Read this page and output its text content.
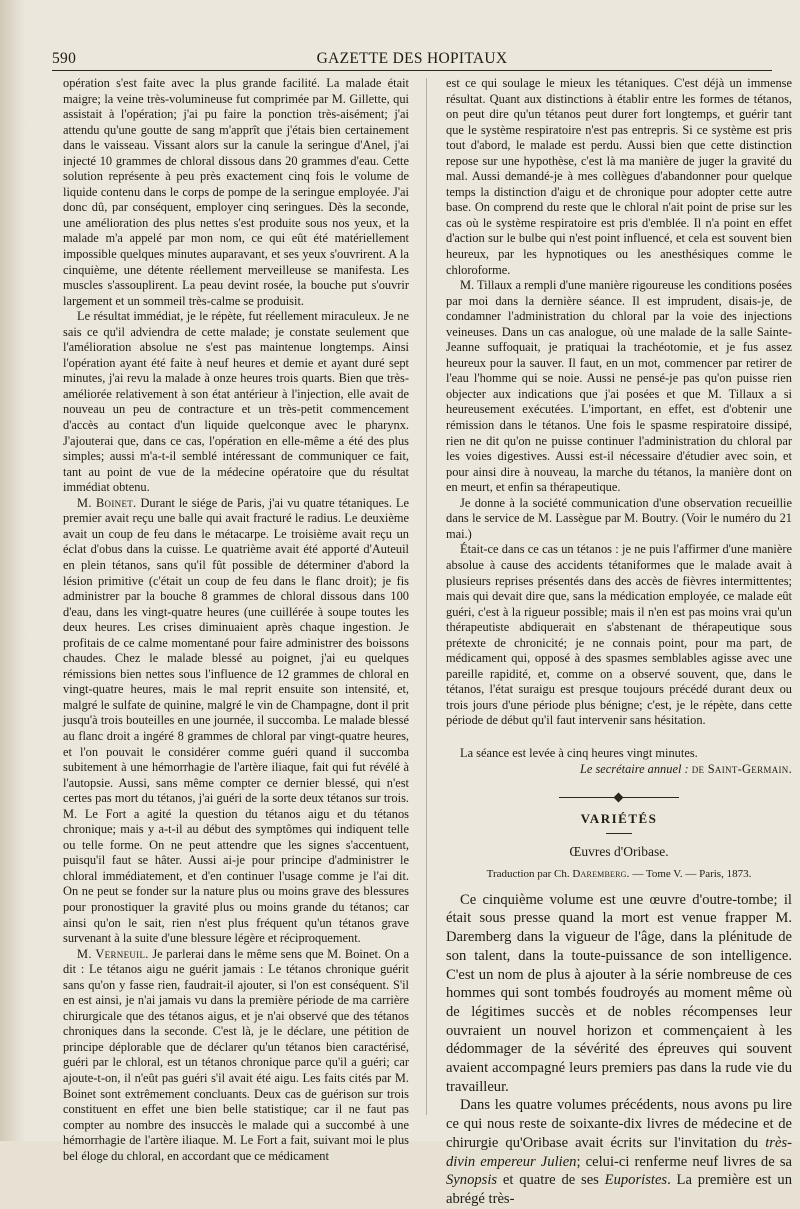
590	GAZETTE DES HOPITAUX

opération s'est faite avec la plus grande facilité. La malade était maigre; la veine très-volumineuse fut comprimée par M. Gillette, qui assistait à l'opération; j'ai pu faire la ponction très-aisément; j'ai attendu qu'une goutte de sang m'apprît que j'étais bien certainement dans le vaisseau. Vissant alors sur la canule la seringue d'Anel, j'ai injecté 10 grammes de chloral dissous dans 20 grammes d'eau. Cette solution représente à peu près exactement cinq fois le volume de liquide contenu dans le corps de pompe de la seringue employée. J'ai donc dû, par conséquent, employer cinq seringues. Dès la seconde, une amélioration des plus nettes s'est produite sous nos yeux, et la malade m'a appelé par mon nom, ce qui eût été matériellement impossible quelques minutes auparavant, et ses yeux s'ouvrirent. A la cinquième, une détente réellement merveilleuse se manifesta. Les muscles s'assouplirent. La peau devint rosée, la bouche put s'ouvrir largement et un sommeil très-calme se produisit.

Le résultat immédiat, je le répète, fut réellement miraculeux. Je ne sais ce qu'il adviendra de cette malade; je constate seulement que l'amélioration absolue ne s'est pas maintenue longtemps. Ainsi l'opération ayant été faite à neuf heures et demie et ayant duré sept minutes, j'ai revu la malade à onze heures trois quarts. Bien que très-améliorée relativement à son état antérieur à l'injection, elle avait de nouveau un peu de contracture et un très-petit commencement d'accès au contact d'un liquide quelconque avec le pharynx. J'ajouterai que, dans ce cas, l'opération en elle-même a été des plus simples; aussi m'a-t-il semblé intéressant de communiquer ce fait, tant au point de vue de la médecine opératoire que du résultat immédiat obtenu.

M. Boinet. Durant le siége de Paris, j'ai vu quatre tétaniques. Le premier avait reçu une balle qui avait fracturé le radius. Le deuxième avait un coup de feu dans le métacarpe. Le troisième avait reçu un éclat d'obus dans la cuisse. Le quatrième avait été apporté d'Auteuil en plein tétanos, sans qu'il fût possible de déterminer d'abord la lésion primitive (c'était un coup de feu dans le flanc droit); je fis administrer par la bouche 8 grammes de chloral dissous dans 100 d'eau, dans les vingt-quatre heures (une cuillérée à soupe toutes les deux heures. Les crises diminuaient après chaque ingestion. Je profitais de ce calme momentané pour faire administrer des boissons chaudes. Chez le malade blessé au poignet, j'ai eu quelques rémissions bien nettes sous l'influence de 12 grammes de chloral en vingt-quatre heures, mais le mal reprit ensuite son intensité, et, malgré le sulfate de quinine, malgré le vin de Champagne, dont il prit jusqu'à trois bouteilles en une journée, il succomba. Le malade blessé au flanc droit a ingéré 8 grammes de chloral par vingt-quatre heures, et l'on pouvait le considérer comme guéri quand il succomba subitement à une hémorrhagie de l'artère iliaque, fait qui fut révélé à l'autopsie. Aussi, sans même compter ce dernier blessé, qui n'est certes pas mort du tétanos, j'ai guéri de la sorte deux tétanos sur trois. M. Le Fort a agité la question du tétanos aigu et du tétanos chronique; mais y a-t-il au début des symptômes qui indiquent telle ou telle forme. On ne peut attendre que les signes s'accentuent, puisqu'il faut se hâter. Aussi ai-je pour principe d'administrer le chloral immédiatement, et d'en continuer l'usage comme je l'ai dit. On ne peut se fonder sur la nature plus ou moins grave des blessures pour pronostiquer la gravité plus ou moins grande du tétanos; car ainsi qu'on le sait, rien n'est plus fréquent qu'un tétanos grave survenant à la suite d'une blessure légère et réciproquement.

M. Verneuil. Je parlerai dans le même sens que M. Boinet. On a dit : Le tétanos aigu ne guérit jamais : Le tétanos chronique guérit sans qu'on y fasse rien, faudrait-il ajouter, si l'on est conséquent. S'il en est ainsi, je n'ai jamais vu dans la première période de ma carrière chirurgicale que des tétanos aigus, et je n'ai observé que des tétanos chroniques dans la seconde. C'est là, je le déclare, une pétition de principe déplorable que de déclarer qu'un tétanos bien caractérisé, guéri par le chloral, est un tétanos chronique parce qu'il a guéri; car ajoute-t-on, il n'eût pas guéri s'il avait été aigu. Les faits cités par M. Boinet sont extrêmement concluants. Deux cas de guérison sur trois constituent en effet une bien belle statistique; car il ne faut pas compter au nombre des insuccès le malade qui a succombé à une hémorrhagie de l'artère iliaque. M. Le Fort a fait, suivant moi le plus bel éloge du chloral, en accordant que ce médicament

est ce qui soulage le mieux les tétaniques. C'est déjà un immense résultat. Quant aux distinctions à établir entre les formes de tétanos, on peut dire qu'un tétanos peut durer fort longtemps, et guérir tant que le système respiratoire n'est pas entrepris. Si ce système est pris tout d'abord, le malade est perdu. Aussi bien que cette distinction repose sur une hypothèse, c'est là ma manière de juger la gravité du mal. Aussi demandé-je à mes collègues d'abandonner pour quelque temps la distinction d'aigu et de chronique pour adopter cette autre base. On comprend du reste que le chloral n'ait point de prise sur les cas où le système respiratoire est pris d'emblée. Il n'a point en effet d'action sur le bulbe qui n'est point influencé, et cela est souvent bien heureux, par les hypnotiques ou les anesthésiques comme le chloroforme.

M. Tillaux a rempli d'une manière rigoureuse les conditions posées par moi dans la dernière séance. Il est imprudent, disais-je, de condamner l'administration du chloral par la voie des injections veineuses. Dans un cas analogue, où une malade de la salle Sainte-Jeanne suffoquait, je pratiquai la trachéotomie, et je fus assez heureux pour la sauver. Il faut, en un mot, commencer par retirer de l'eau l'homme qui se noie. Aussi ne pensé-je pas qu'on puisse rien objecter aux indications que j'ai posées et que M. Tillaux a si heureusement exécutées. L'important, en effet, est d'obtenir une rémission dans le tétanos. Une fois le spasme respiratoire dissipé, rien ne dit qu'on ne puisse continuer l'administration du chloral par les voies digestives. Aussi est-il nécessaire d'étudier avec soin, et pour ainsi dire à nouveau, la marche du tétanos, la manière dont on en meurt, et enfin sa thérapeutique.

Je donne à la société communication d'une observation recueillie dans le service de M. Lassègue par M. Boutry. (Voir le numéro du 21 mai.)

Était-ce dans ce cas un tétanos : je ne puis l'affirmer d'une manière absolue à cause des accidents tétaniformes que le malade avait à plusieurs reprises présentés dans des accès de fièvres intermittentes; mais qui devait dire que, sans la médication employée, ce malade eût guéri, c'est à la rigueur possible; mais il n'en est pas moins vrai qu'un thérapeutiste abdiquerait en s'abstenant de thérapeutique sous prétexte de chronicité; je ne connais point, pour ma part, de médicament qui, opposé à des spasmes semblables agisse avec une pareille rapidité, et, comme on a observé souvent, que, dans le tétanos, l'état suraigu est presque toujours précédé durant deux ou trois jours d'une période plus bénigne; c'est, je le répète, dans cette période de début qu'il faut intervenir sans hésitation.

La séance est levée à cinq heures vingt minutes.

Le secrétaire annuel : de Saint-Germain.

VARIÉTÉS
Œuvres d'Oribase.
Traduction par Ch. Daremberg. — Tome V. — Paris, 1873.

Ce cinquième volume est une œuvre d'outre-tombe; il était sous presse quand la mort est venue frapper M. Daremberg dans la vigueur de l'âge, dans la plénitude de son talent, dans la toute-puissance de son intelligence. C'est un nom de plus à ajouter à la série nombreuse de ces hommes qui sont tombés foudroyés au moment même où de légitimes succès et de nobles récompenses leur ouvraient un nouvel horizon et commençaient à les dédommager de la sévérité des épreuves qui souvent avaient accompagné leurs premiers pas dans la rude vie du travailleur.

Dans les quatre volumes précédents, nous avons pu lire ce qui nous reste de soixante-dix livres de médecine et de chirurgie qu'Oribase avait écrits sur l'invitation du très-divin empereur Julien; celui-ci renferme neuf livres de sa Synopsis et quatre de ses Euporistes. La première est un abrégé très-
